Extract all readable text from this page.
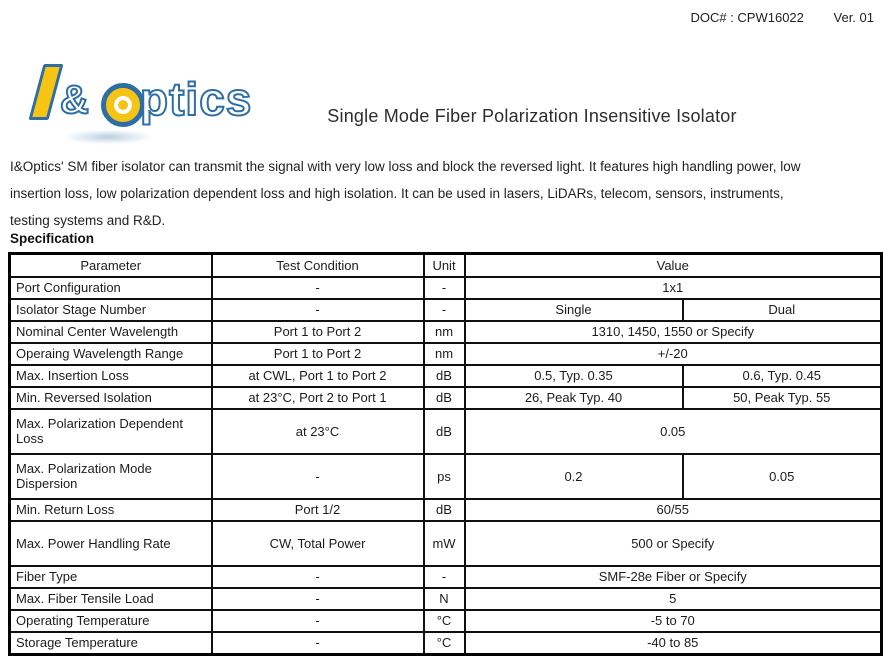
DOC# : CPW16022 Ver. 01
& ptics	Single Mode Fiber Polarization Insensitive Isolator
I&Optics' SM fiber isolator can transmit the signal with very low loss and block the reversed light. It features high handling power, low
insertion loss, low polarization dependent loss and high isolation. It can be used in lasers, LiDARs, telecom, sensors, instruments,
testing systems and R&D.
Specification
Parameter	Test Condition	Unit	Value	
Port Configuration	-	-	1x1	
Isolator Stage Number	-	-	Single	Dual
Nominal Center Wavelength	Port 1 to Port 2	nm	1310, 1450, 1550 or Specify	
Operaing Wavelength Range	Port 1 to Port 2	nm	+/-20	
Max. Insertion Loss	at CWL, Port 1 to Port 2	dB	0.5, Typ. 0.35	0.6, Typ. 0.45
Min. Reversed Isolation	at 23°C, Port 2 to Port 1	dB	26, Peak Typ. 40	50, Peak Typ. 55
Max. Polarization Dependent Loss	at 23°C	dB	0.05	
Max. Polarization Mode Dispersion	-	ps	0.2	0.05
Min. Return Loss	Port 1/2	dB	60/55	
Max. Power Handling Rate	CW, Total Power	mW	500 or Specify	
Fiber Type	-	-	SMF-28e Fiber or Specify	
Max. Fiber Tensile Load	-	N	5	
Operating Temperature	-	°C	-5 to 70	
Storage Temperature	-	°C	-40 to 85	
